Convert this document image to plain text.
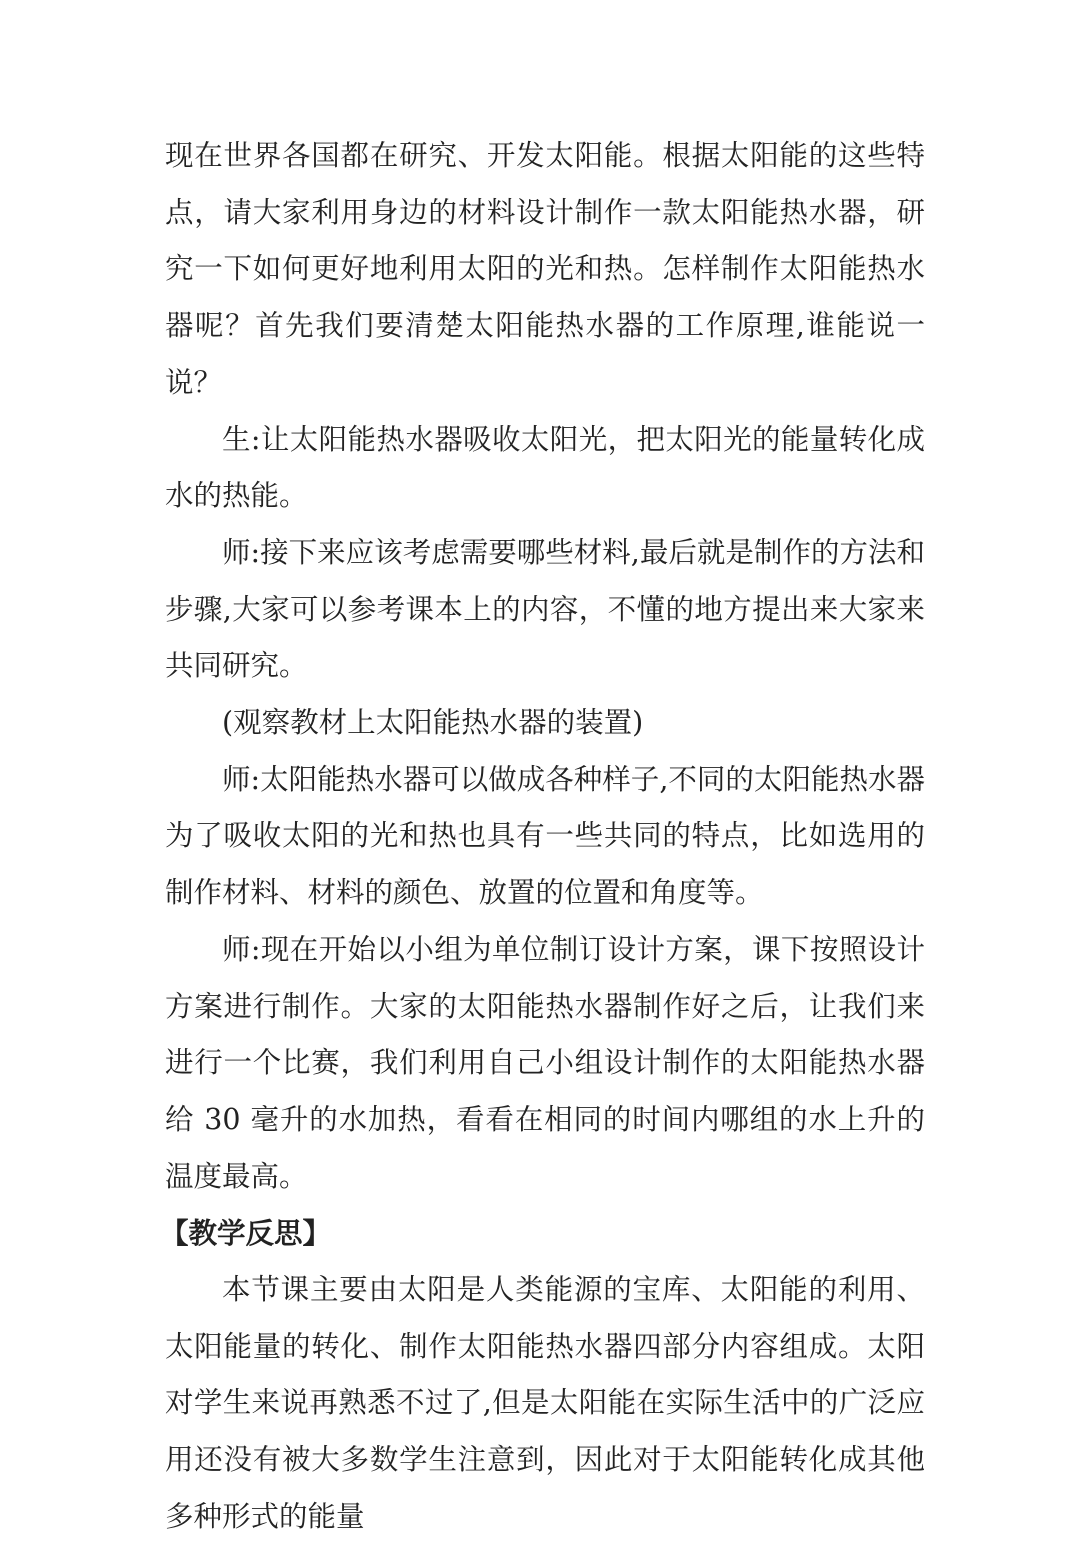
现在世界各国都在研究、开发太阳能。根据太阳能的这些特点，请大家利用身边的材料设计制作一款太阳能热水器，研究一下如何更好地利用太阳的光和热。怎样制作太阳能热水器呢？首先我们要清楚太阳能热水器的工作原理,谁能说一说？

生:让太阳能热水器吸收太阳光，把太阳光的能量转化成水的热能。

师:接下来应该考虑需要哪些材料,最后就是制作的方法和步骤,大家可以参考课本上的内容，不懂的地方提出来大家来共同研究。

(观察教材上太阳能热水器的装置)

师:太阳能热水器可以做成各种样子,不同的太阳能热水器为了吸收太阳的光和热也具有一些共同的特点，比如选用的制作材料、材料的颜色、放置的位置和角度等。

师:现在开始以小组为单位制订设计方案，课下按照设计方案进行制作。大家的太阳能热水器制作好之后，让我们来进行一个比赛，我们利用自己小组设计制作的太阳能热水器给 30 毫升的水加热，看看在相同的时间内哪组的水上升的温度最高。

【教学反思】

本节课主要由太阳是人类能源的宝库、太阳能的利用、太阳能量的转化、制作太阳能热水器四部分内容组成。太阳对学生来说再熟悉不过了,但是太阳能在实际生活中的广泛应用还没有被大多数学生注意到，因此对于太阳能转化成其他多种形式的能量
